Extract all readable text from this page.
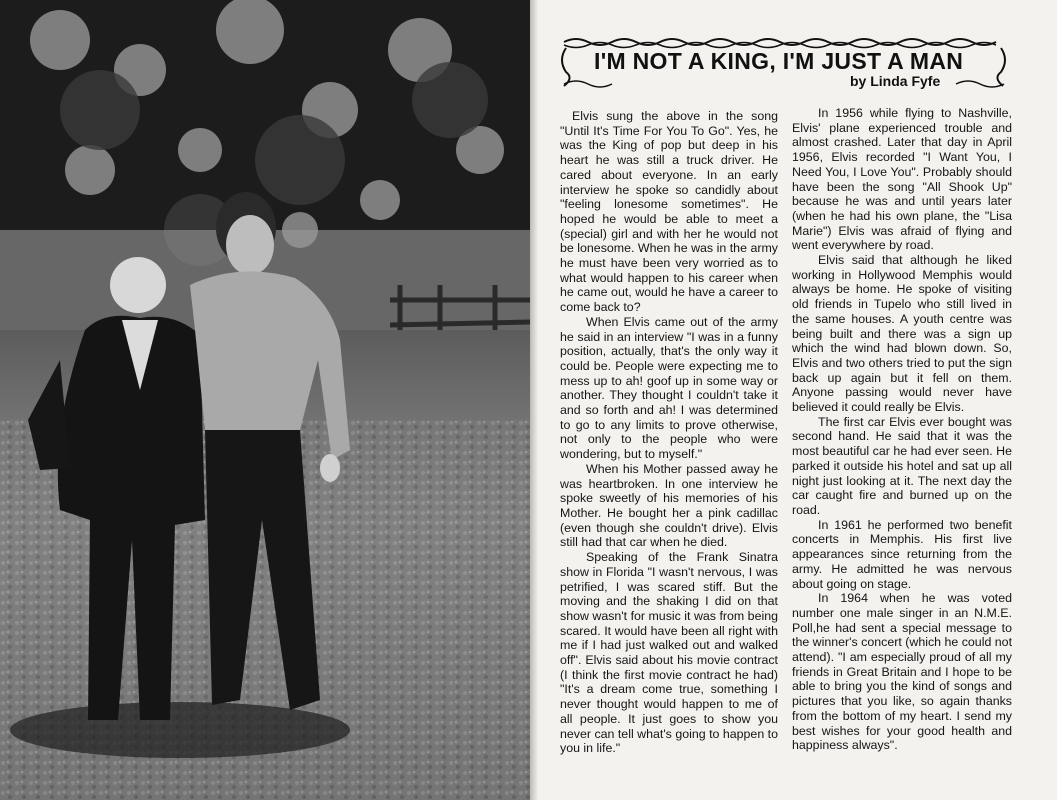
I'M NOT A KING, I'M JUST A MAN
by Linda Fyfe

Elvis sung the above in the song "Until It's Time For You To Go". Yes, he was the King of pop but deep in his heart he was still a truck driver. He cared about everyone. In an early interview he spoke so candidly about "feeling lonesome sometimes". He hoped he would be able to meet a (special) girl and with her he would not be lonesome. When he was in the army he must have been very worried as to what would happen to his career when he came out, would he have a career to come back to?

When Elvis came out of the army he said in an interview "I was in a funny position, actually, that's the only way it could be. People were expecting me to mess up to ah! goof up in some way or another. They thought I couldn't take it and so forth and ah! I was determined to go to any limits to prove otherwise, not only to the people who were wondering, but to myself."

When his Mother passed away he was heartbroken. In one interview he spoke sweetly of his memories of his Mother. He bought her a pink cadillac (even though she couldn't drive). Elvis still had that car when he died.

Speaking of the Frank Sinatra show in Florida "I wasn't nervous, I was petrified, I was scared stiff. But the moving and the shaking I did on that show wasn't for music it was from being scared. It would have been all right with me if I had just walked out and walked off". Elvis said about his movie contract (I think the first movie contract he had) "It's a dream come true, something I never thought would happen to me of all people. It just goes to show you never can tell what's going to happen to you in life."

In 1956 while flying to Nashville, Elvis' plane experienced trouble and almost crashed. Later that day in April 1956, Elvis recorded "I Want You, I Need You, I Love You". Probably should have been the song "All Shook Up" because he was and until years later (when he had his own plane, the "Lisa Marie") Elvis was afraid of flying and went everywhere by road.

Elvis said that although he liked working in Hollywood Memphis would always be home. He spoke of visiting old friends in Tupelo who still lived in the same houses. A youth centre was being built and there was a sign up which the wind had blown down. So, Elvis and two others tried to put the sign back up again but it fell on them. Anyone passing would never have believed it could really be Elvis.

The first car Elvis ever bought was second hand. He said that it was the most beautiful car he had ever seen. He parked it outside his hotel and sat up all night just looking at it. The next day the car caught fire and burned up on the road.

In 1961 he performed two benefit concerts in Memphis. His first live appearances since returning from the army. He admitted he was nervous about going on stage.

In 1964 when he was voted number one male singer in an N.M.E. Poll,he had sent a special message to the winner's concert (which he could not attend). "I am especially proud of all my friends in Great Britain and I hope to be able to bring you the kind of songs and pictures that you like, so again thanks from the bottom of my heart. I send my best wishes for your good health and happiness always".
